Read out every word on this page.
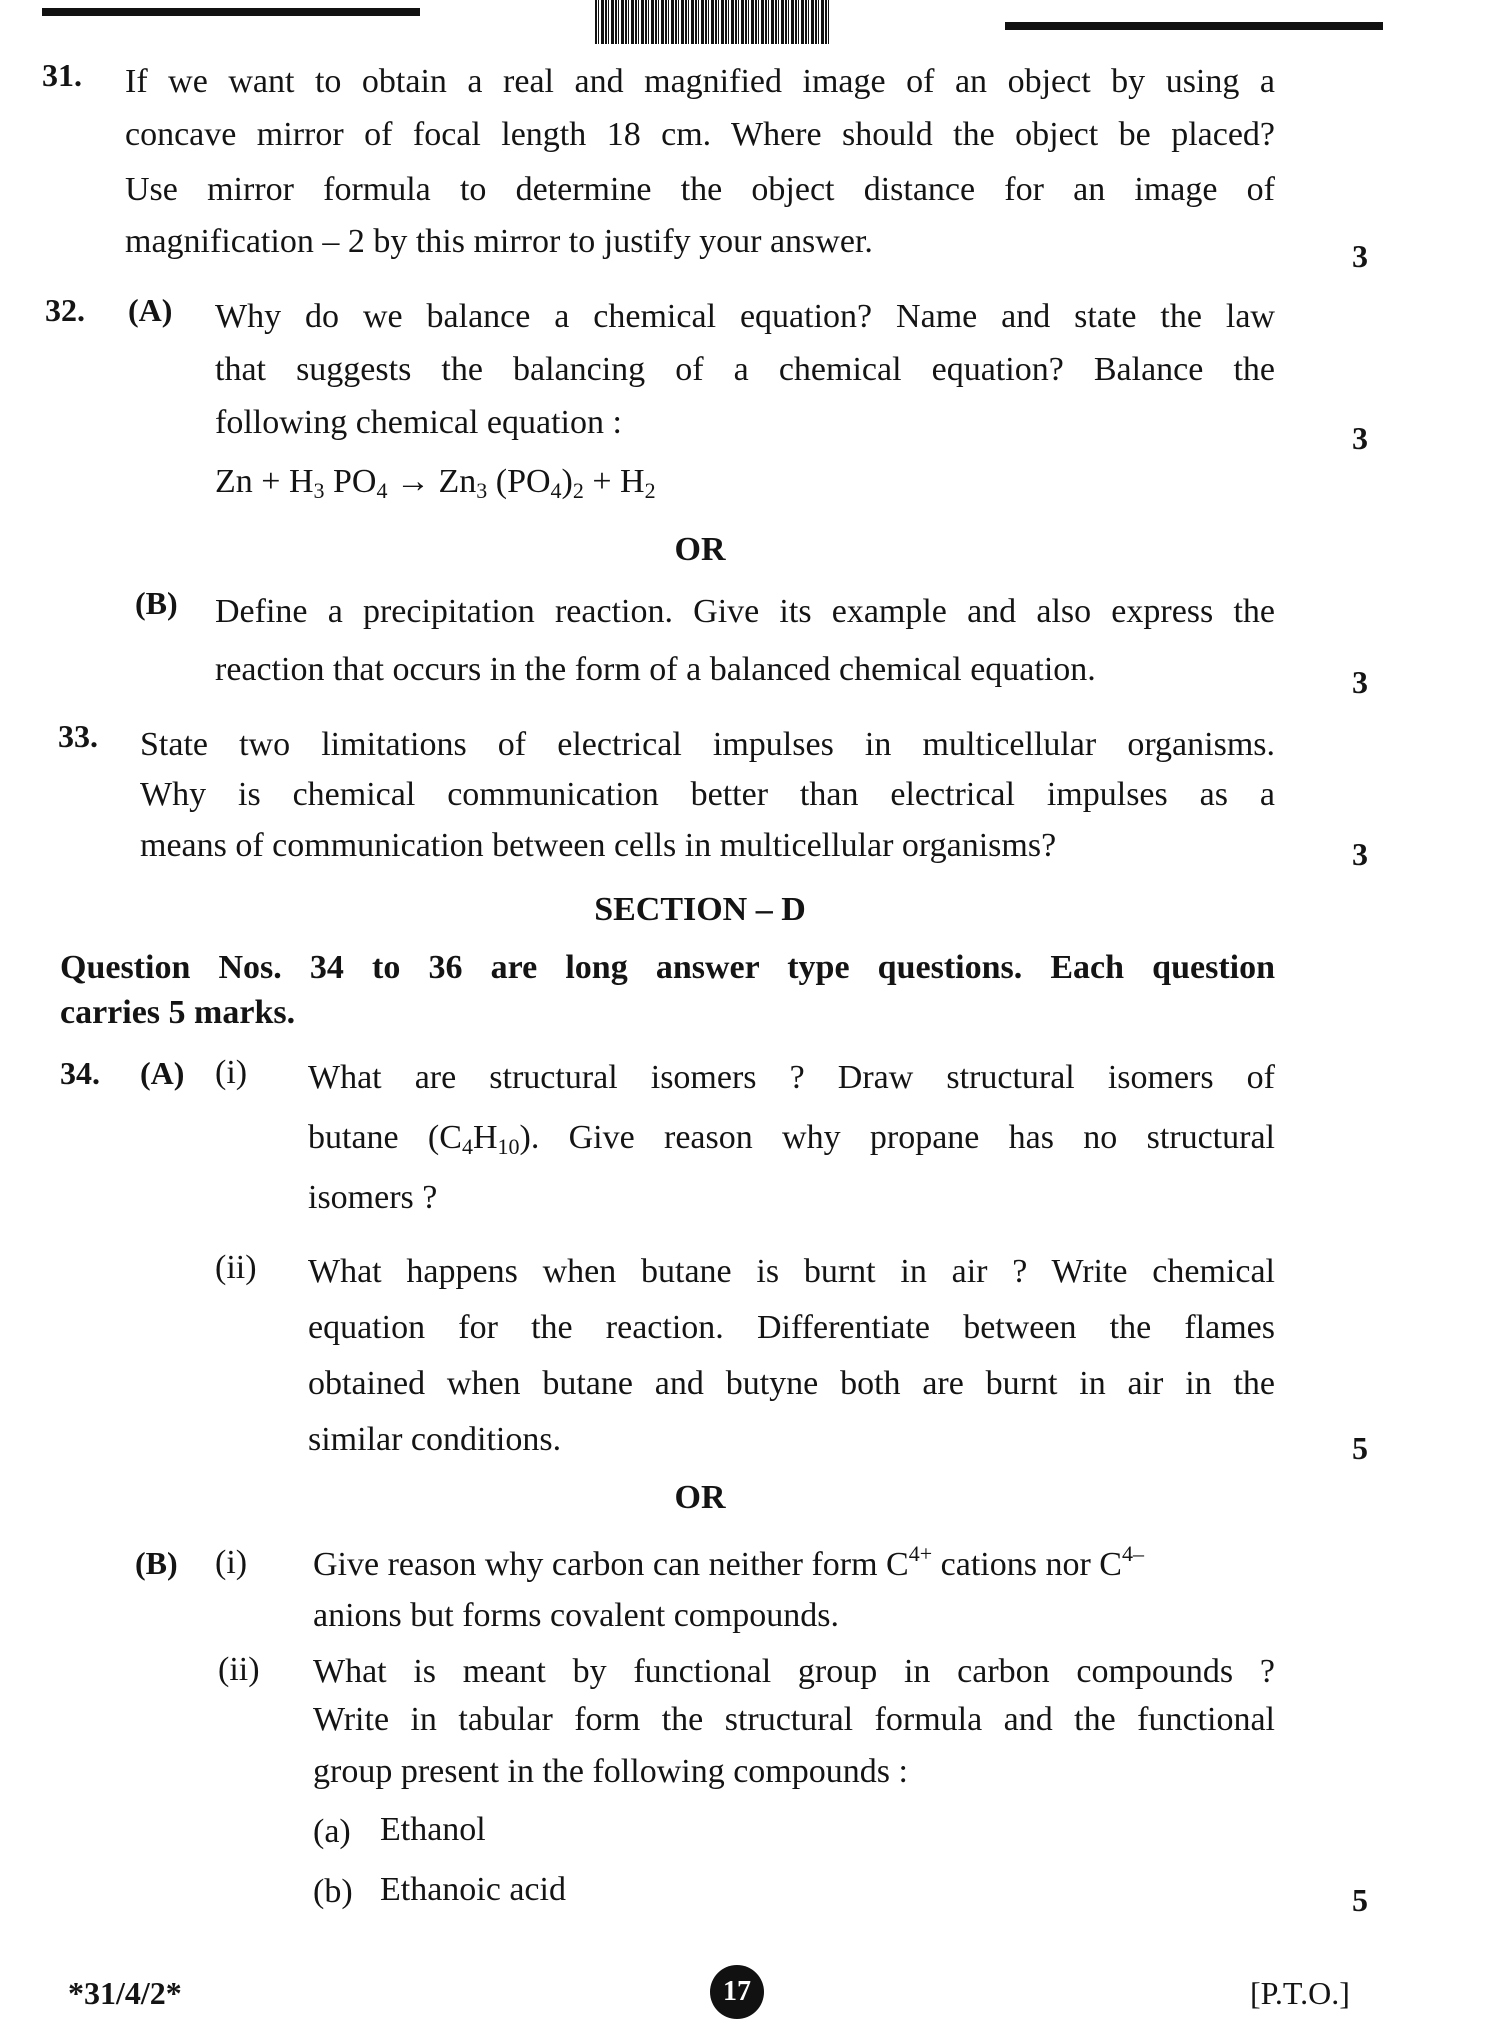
31. If we want to obtain a real and magnified image of an object by using a
concave mirror of focal length 18 cm. Where should the object be placed?
Use mirror formula to determine the object distance for an image of
magnification – 2 by this mirror to justify your answer.	3
32. (A) Why do we balance a chemical equation? Name and state the law
that suggests the balancing of a chemical equation? Balance the
following chemical equation :	3
$Zn + H_3$ $PO_4 \to Zn_3$ $(PO_4)_2 + H_2$
OR
(B) Define a precipitation reaction. Give its example and also express the
reaction that occurs in the form of a balanced chemical equation.	3
33. State two limitations of electrical impulses in multicellular organisms.
Why is chemical communication better than electrical impulses as a
means of communication between cells in multicellular organisms?	3
SECTION – D
Question Nos. 34 to 36 are long answer type questions. Each question
carries 5 marks.
34. (A) (i) What are structural isomers ? Draw structural isomers of
butane $(C_4H_{10})$. Give reason why propane has no structural
isomers ?
(ii) What happens when butane is burnt in air ? Write chemical
equation for the reaction. Differentiate between the flames
obtained when butane and butyne both are burnt in air in the
similar conditions.	5
OR
(B) (i) Give reason why carbon can neither form $C^{4+}$ cations nor $C^{4-}$
anions but forms covalent compounds.
(ii) What is meant by functional group in carbon compounds ?
Write in tabular form the structural formula and the functional
group present in the following compounds :
(a) Ethanol
(b) Ethanoic acid	5
*31/4/2*	17	[P.T.O.]
